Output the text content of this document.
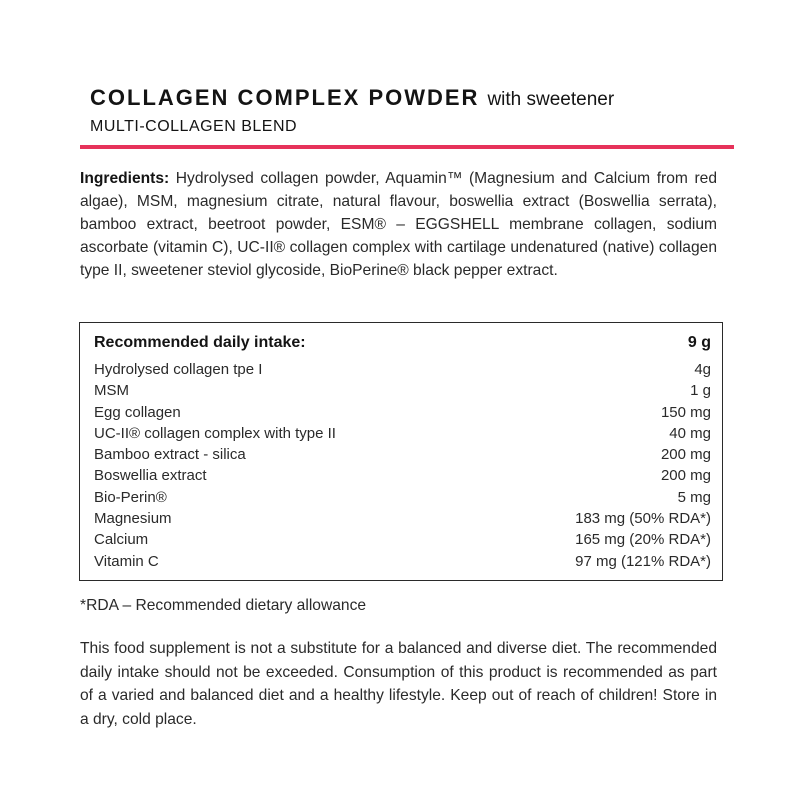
COLLAGEN COMPLEX POWDER with sweetener
MULTI-COLLAGEN BLEND
Ingredients: Hydrolysed collagen powder, Aquamin™ (Magnesium and Calcium from red algae), MSM, magnesium citrate, natural flavour, boswellia extract (Boswellia serrata), bamboo extract, beetroot powder, ESM® – EGGSHELL membrane collagen, sodium ascorbate (vitamin C), UC-II® collagen complex with cartilage undenatured (native) collagen type II, sweetener steviol glycoside, BioPerine® black pepper extract.
Recommended daily intake:	9 g
Hydrolysed collagen tpe I	4g
MSM	1 g
Egg collagen	150 mg
UC-II® collagen complex with type II	40 mg
Bamboo extract - silica	200 mg
Boswellia extract	200 mg
Bio-Perin®	5 mg
Magnesium	183 mg (50% RDA*)
Calcium	165 mg (20% RDA*)
Vitamin C	97 mg (121% RDA*)
*RDA – Recommended dietary allowance
This food supplement is not a substitute for a balanced and diverse diet. The recommended daily intake should not be exceeded. Consumption of this product is recommended as part of a varied and balanced diet and a healthy lifestyle. Keep out of reach of children! Store in a dry, cold place.
